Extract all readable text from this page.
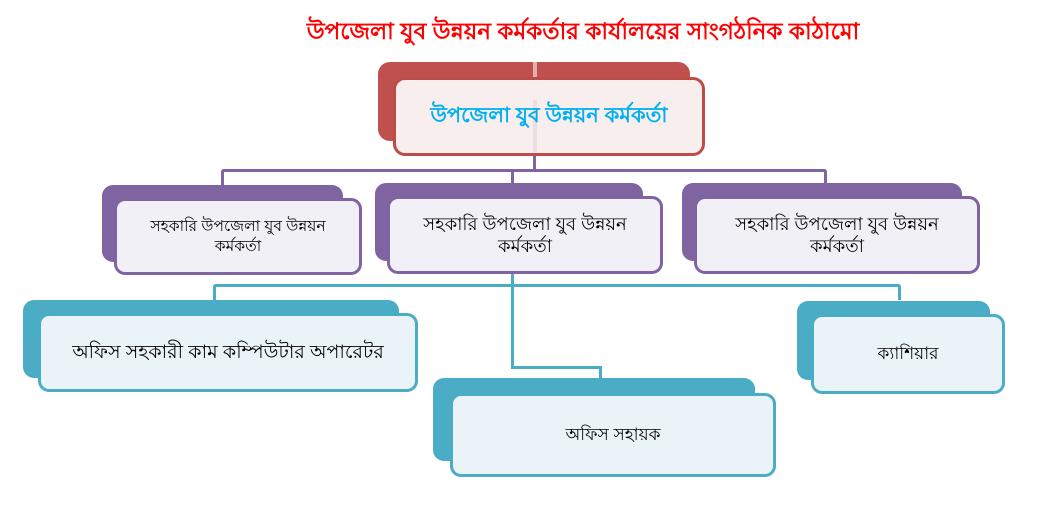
উপজেলা যুব উন্নয়ন কর্মকর্তার কার্যালয়ের সাংগঠনিক কাঠামো
উপজেলা যুব উন্নয়ন কর্মকর্তা
সহকারি উপজেলা যুব উন্নয়ন কর্মকর্তা
সহকারি উপজেলা যুব উন্নয়ন কর্মকর্তা
সহকারি উপজেলা যুব উন্নয়ন কর্মকর্তা
অফিস সহকারী কাম কম্পিউটার অপারেটর	ক্যাশিয়ার
অফিস সহায়ক
